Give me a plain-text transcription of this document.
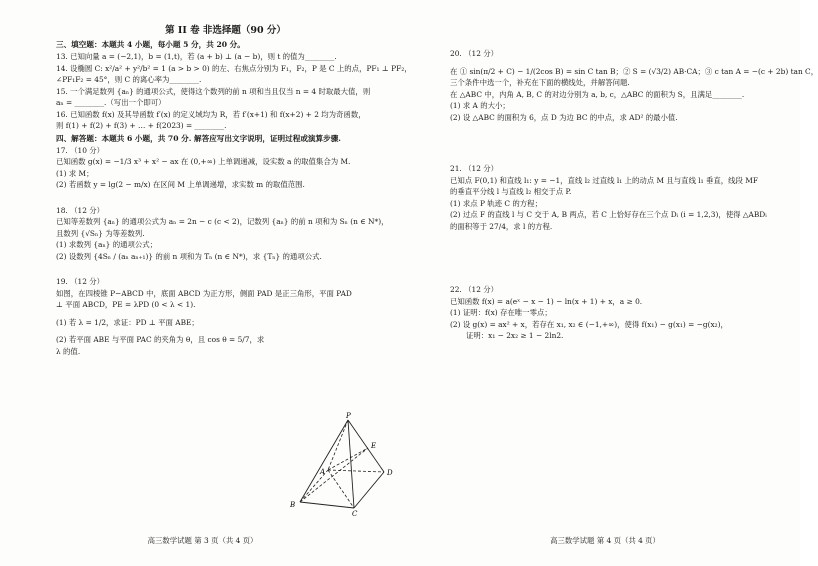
第 II 卷 非选择题（90 分）
三、填空题：本题共 4 小题，每小题 5 分，共 20 分。
13. 已知向量 a = (−2,1)，b = (1,t)，若 (a + b) ⊥ (a − b)，则 t 的值为________.
14. 设椭圆 C: x²/a² + y²/b² = 1 (a > b > 0) 的左、右焦点分别为 F₁，F₂，P 是 C 上的点，PF₁ ⊥ PF₂，
∠PF₁F₂ = 45°，则 C 的离心率为________.
15. 一个满足数列 {aₙ} 的通项公式，使得这个数列的前 n 项和当且仅当 n = 4 时取最大值，则
aₙ = ________.（写出一个即可）
16. 已知函数 f(x) 及其导函数 f′(x) 的定义域均为 R，若 f′(x+1) 和 f(x+2) + 2 均为奇函数，
则 f(1) + f(2) + f(3) + … + f(2023) = ________.
四、解答题：本题共 6 小题，共 70 分. 解答应写出文字说明，证明过程或演算步骤.
17. （10 分）
已知函数 g(x) = −1/3 x³ + x² − ax 在 (0,+∞) 上单调递减，设实数 a 的取值集合为 M.
(1) 求 M；
(2) 若函数 y = lg(2 − m/x) 在区间 M 上单调递增，求实数 m 的取值范围.
18. （12 分）
已知等差数列 {aₙ} 的通项公式为 aₙ = 2n − c (c < 2)，记数列 {aₙ} 的前 n 项和为 Sₙ (n ∈ N*)，
且数列 {√Sₙ} 为等差数列.
(1) 求数列 {aₙ} 的通项公式；
(2) 设数列 {4Sₙ / (aₙ aₙ₊₁)} 的前 n 项和为 Tₙ (n ∈ N*)，求 {Tₙ} 的通项公式.
19. （12 分）
如图，在四棱锥 P−ABCD 中，底面 ABCD 为正方形，侧面 PAD 是正三角形，平面 PAD
⊥ 平面 ABCD，PE = λPD (0 < λ < 1).
(1) 若 λ = 1/2，求证：PD ⊥ 平面 ABE；
(2) 若平面 ABE 与平面 PAC 的夹角为 θ，且 cos θ = 5/7，求
λ 的值.
P
E
A	D
B
C
高三数学试题 第 3 页（共 4 页）
20. （12 分）
在 ① sin(π/2 + C) − 1/(2cos B) = sin C tan B；② S = (√3/2) AB·CA；③ c tan A = −(c + 2b) tan C，
三个条件中选一个，补充在下面的横线处，并解答问题.
在 △ABC 中，内角 A, B, C 的对边分别为 a, b, c，△ABC 的面积为 S，且满足________.
(1) 求 A 的大小；
(2) 设 △ABC 的面积为 6，点 D 为边 BC 的中点，求 AD² 的最小值.
21. （12 分）
已知点 F(0,1) 和直线 l₁: y = −1，直线 l₂ 过直线 l₁ 上的动点 M 且与直线 l₁ 垂直，线段 MF
的垂直平分线 l 与直线 l₂ 相交于点 P.
(1) 求点 P 轨迹 C 的方程；
(2) 过点 F 的直线 l 与 C 交于 A, B 两点，若 C 上恰好存在三个点 Dᵢ (i = 1,2,3)，使得 △ABDᵢ
的面积等于 27/4，求 l 的方程.
22. （12 分）
已知函数 f(x) = a(eˣ − x − 1) − ln(x + 1) + x，a ≥ 0.
(1) 证明：f(x) 存在唯一零点；
(2) 设 g(x) = ax² + x，若存在 x₁, x₂ ∈ (−1,+∞)，使得 f(x₁) − g(x₁) = −g(x₂)，
证明：x₁ − 2x₂ ≥ 1 − 2ln2.
高三数学试题 第 4 页（共 4 页）
